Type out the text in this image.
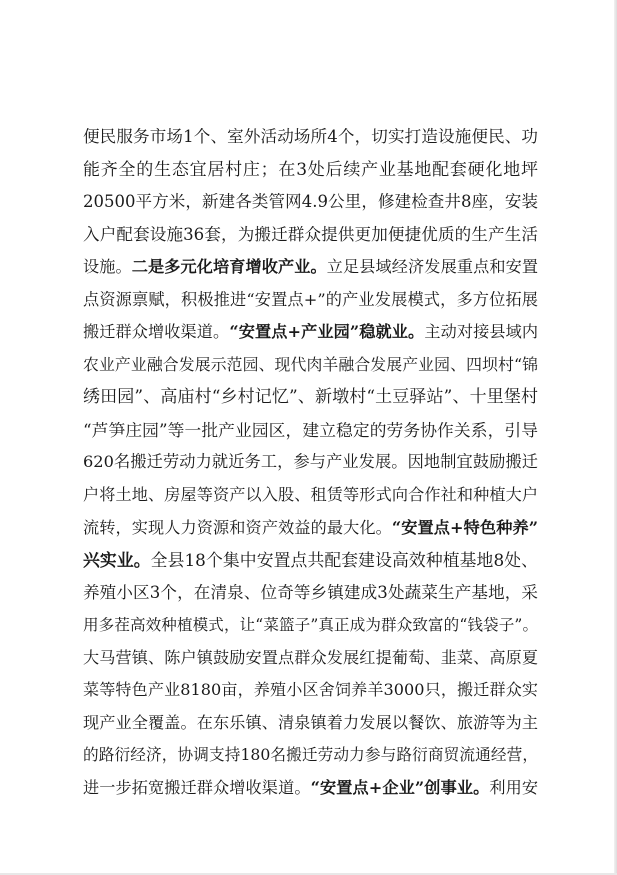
便民服务市场1个、室外活动场所4个，切实打造设施便民、功
能齐全的生态宜居村庄；在3处后续产业基地配套硬化地坪
20500平方米，新建各类管网4.9公里，修建检查井8座，安装
入户配套设施36套，为搬迁群众提供更加便捷优质的生产生活
设施。二是多元化培育增收产业。立足县域经济发展重点和安置
点资源禀赋，积极推进“安置点+”的产业发展模式，多方位拓展
搬迁群众增收渠道。“安置点+产业园”稳就业。主动对接县域内
农业产业融合发展示范园、现代肉羊融合发展产业园、四坝村“锦
绣田园”、高庙村“乡村记忆”、新墩村“土豆驿站”、十里堡村
“芦笋庄园”等一批产业园区，建立稳定的劳务协作关系，引导
620名搬迁劳动力就近务工，参与产业发展。因地制宜鼓励搬迁
户将土地、房屋等资产以入股、租赁等形式向合作社和种植大户
流转，实现人力资源和资产效益的最大化。“安置点+特色种养”
兴实业。全县18个集中安置点共配套建设高效种植基地8处、
养殖小区3个，在清泉、位奇等乡镇建成3处蔬菜生产基地，采
用多茬高效种植模式，让“菜篮子”真正成为群众致富的“钱袋子”。
大马营镇、陈户镇鼓励安置点群众发展红提葡萄、韭菜、高原夏
菜等特色产业8180亩，养殖小区舍饲养羊3000只，搬迁群众实
现产业全覆盖。在东乐镇、清泉镇着力发展以餐饮、旅游等为主
的路衍经济，协调支持180名搬迁劳动力参与路衍商贸流通经营，
进一步拓宽搬迁群众增收渠道。“安置点+企业”创事业。利用安
